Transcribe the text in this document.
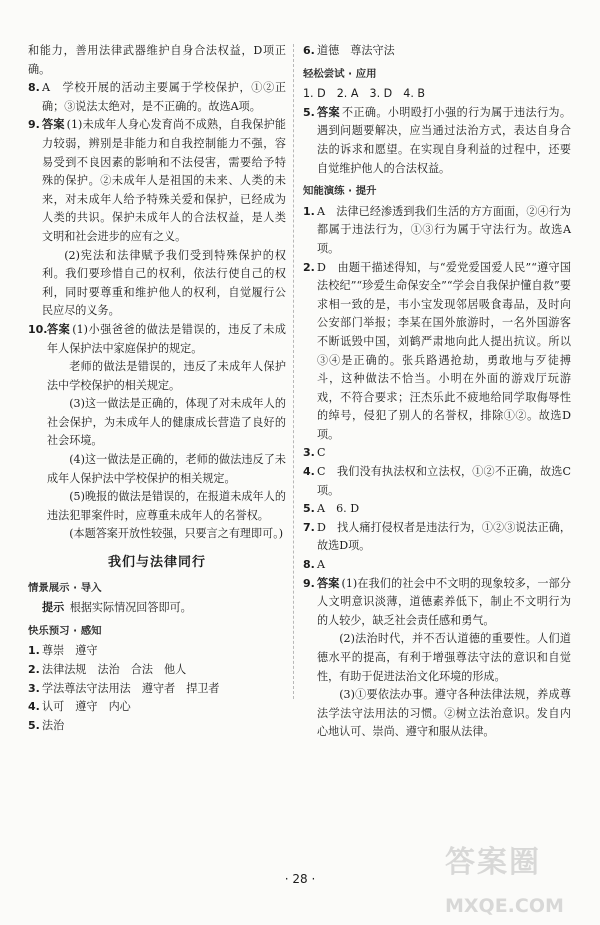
和能力，善用法律武器维护自身合法权益，D项正确。

8. A　学校开展的活动主要属于学校保护，①②正确；③说法太绝对，是不正确的。故选A项。

9. 答案 (1)未成年人身心发育尚不成熟，自我保护能力较弱，辨别是非能力和自我控制能力不强，容易受到不良因素的影响和不法侵害，需要给予特殊的保护。②未成年人是祖国的未来、人类的未来，对未成年人给予特殊关爱和保护，已经成为人类的共识。保护未成年人的合法权益，是人类文明和社会进步的应有之义。

(2)宪法和法律赋予我们受到特殊保护的权利。我们要珍惜自己的权利，依法行使自己的权利，同时要尊重和维护他人的权利，自觉履行公民应尽的义务。

10. 答案 (1)小强爸爸的做法是错误的，违反了未成年人保护法中家庭保护的规定。

老师的做法是错误的，违反了未成年人保护法中学校保护的相关规定。

(3)这一做法是正确的，体现了对未成年人的社会保护，为未成年人的健康成长营造了良好的社会环境。

(4)这一做法是正确的，老师的做法违反了未成年人保护法中学校保护的相关规定。

(5)晚报的做法是错误的，在报道未成年人的违法犯罪案件时，应尊重未成年人的名誉权。

(本题答案开放性较强，只要言之有理即可。)

我们与法律同行
情景展示 · 导入

提示 根据实际情况回答即可。

快乐预习 · 感知
1. 尊崇　遵守

2. 法律法规　法治　合法　他人

3. 学法尊法守法用法　遵守者　捍卫者

4. 认可　遵守　内心

5. 法治

6. 道德　尊法守法

轻松尝试 · 应用

1. D　2. A　3. D　4. B

5. 答案 不正确。小明殴打小强的行为属于违法行为。遇到问题要解决，应当通过法治方式，表达自身合法的诉求和愿望。在实现自身利益的过程中，还要自觉维护他人的合法权益。

知能演练 · 提升
1. A　法律已经渗透到我们生活的方方面面，②④行为都属于违法行为，①③行为属于守法行为。故选A项。

2. D　由题干描述得知，与“爱党爱国爱人民”“遵守国法校纪”“珍爱生命保安全”“学会自我保护懂自救”要求相一致的是，韦小宝发现邻居吸食毒品，及时向公安部门举报；李某在国外旅游时，一名外国游客不断诋毁中国，刘鹤严肃地向此人提出抗议。所以③④是正确的。张兵路遇抢劫，勇敢地与歹徒搏斗，这种做法不恰当。小明在外面的游戏厅玩游戏，不符合要求；汪杰乐此不疲地给同学取侮辱性的绰号，侵犯了别人的名誉权，排除①②。故选D项。

3. C

4. C　我们没有执法权和立法权，①②不正确，故选C项。

5. A　6. D

7. D　找人痛打侵权者是违法行为，①②③说法正确，故选D项。

8. A

9. 答案 (1)在我们的社会中不文明的现象较多，一部分人文明意识淡薄，道德素养低下，制止不文明行为的人较少，缺乏社会责任感和勇气。

(2)法治时代，并不否认道德的重要性。人们道德水平的提高，有利于增强尊法守法的意识和自觉性，有助于促进法治文化环境的形成。

(3)①要依法办事。遵守各种法律法规，养成尊法学法守法用法的习惯。②树立法治意识。发自内心地认可、崇尚、遵守和服从法律。

· 28 ·	答案圈
MXQE.COM
